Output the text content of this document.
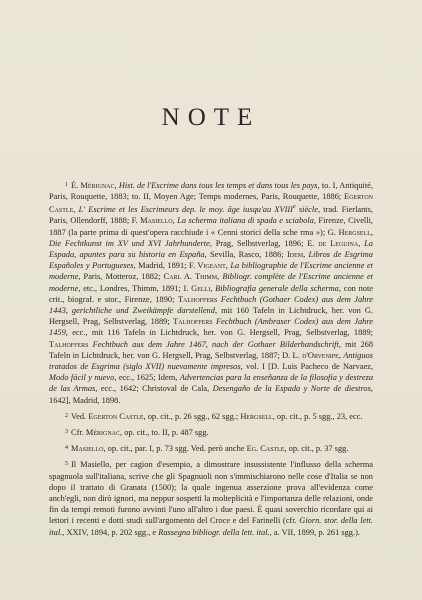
NOTE

$^1$ É. Mérignac, Hist. de l'Escrime dans tous les temps et dans tous les pays, to. I, Antiquité, Paris, Rouquette, 1883; to. II, Moyen Age; Temps modernes, Paris, Rouquette, 1886; Egerton Castle, L' Escrime et les Escrimeurs dep. le moy. âge iusqu'au XVIIIe siècle, trad. Fierlants, Paris, Ollendorff, 1888; F. Masiello, La scherma italiana di spada e sciabola, Firenze, Civelli, 1887 (la parte prima di quest'opera racchiude i « Cenni storici della sche rma »); G. Hergsell, Die Fechtkunst im XV und XVI Jahrhunderte, Prag, Selbstverlag, 1896; E. de Leguina, La Espada, apuntes para su historia en España, Sevilla, Rasco, 1886; Idem, Libros de Esgrima Españoles y Portugueses, Madrid, 1891; F. Vigeant, La bibliographie de l'Escrime ancienne et moderne, Paris, Motteroz, 1882; Carl A. Thimm, Bibliogr. complète de l'Escrime ancienne et moderne, etc., Londres, Thimm, 1891; I. Gelli, Bibliografia generale della scherma, con note crit., biograf. e stor., Firenze, 1890; Talhoffers Fechtbuch (Gothaer Codex) aus dem Jahre 1443, gerichtliche und Zweikämpfe darstellend, mit 160 Tafeln in Lichtdruck, her. von G. Hergsell, Prag, Selbstverlag, 1889; Talhoffers Fechtbuch (Ambraser Codex) aus dem Jahre 1459, ecc., mit 116 Tafeln in Lichtdruck, her. von G. Hergsell, Prag, Selbstverlag, 1889; Talhoffers Fechtbuch aus dem Jahre 1467, nach der Gothaer Bilderhandschrift, mit 268 Tafeln in Lichtdruck, her. von G. Hergsell, Prag, Selbstverlag, 1887; D. L. d'Orvenipe, Antiguos tratados de Esgrima (siglo XVII) nuevamente impresos, vol. I [D. Luis Pacheco de Narvaez, Modo fácil y nuevo, ecc., 1625; Idem, Advertencias para la enseñanza de la filosofia y destreza de las Armas, ecc., 1642; Christoval de Cala, Desengaño de la Espada y Norte de diestros, 1642], Madrid, 1898.

$^2$ Ved. Egerton Castle, op. cit., p. 26 sgg., 62 sgg.; Hergsell, op. cit., p. 5 sgg., 23, ecc.

$^3$ Cfr. Mérignac, op. cit., to. II, p. 487 sgg.

$^4$ Masiello, op. cit., par. I, p. 73 sgg. Ved. però anche Eg. Castle, op. cit., p. 37 sgg.

$^5$ Il Masiello, per cagion d'esempio, a dimostrare insussistente l'influsso della scherma spagnuola sull'italiana, scrive che gli Spagnuoli non s'immischiarono nelle cose d'Italia se non dopo il trattato di Granata (1500); la quale ingenua asserzione prova all'evidenza come anch'egli, non dirò ignori, ma neppur sospetti la molteplicità e l'importanza delle relazioni, onde fin da tempi remoti furono avvinti l'uno all'altro i due paesi. È quasi soverchio ricordare qui ai lettori i recenti e dotti studi sull'argomento del Croce e del Farinelli (cfr. Giorn. stor. della lett. ital., XXIV, 1894, p. 202 sgg., e Rassegna bibliogr. della lett. ital., a. VII, 1899, p. 261 sgg.).
